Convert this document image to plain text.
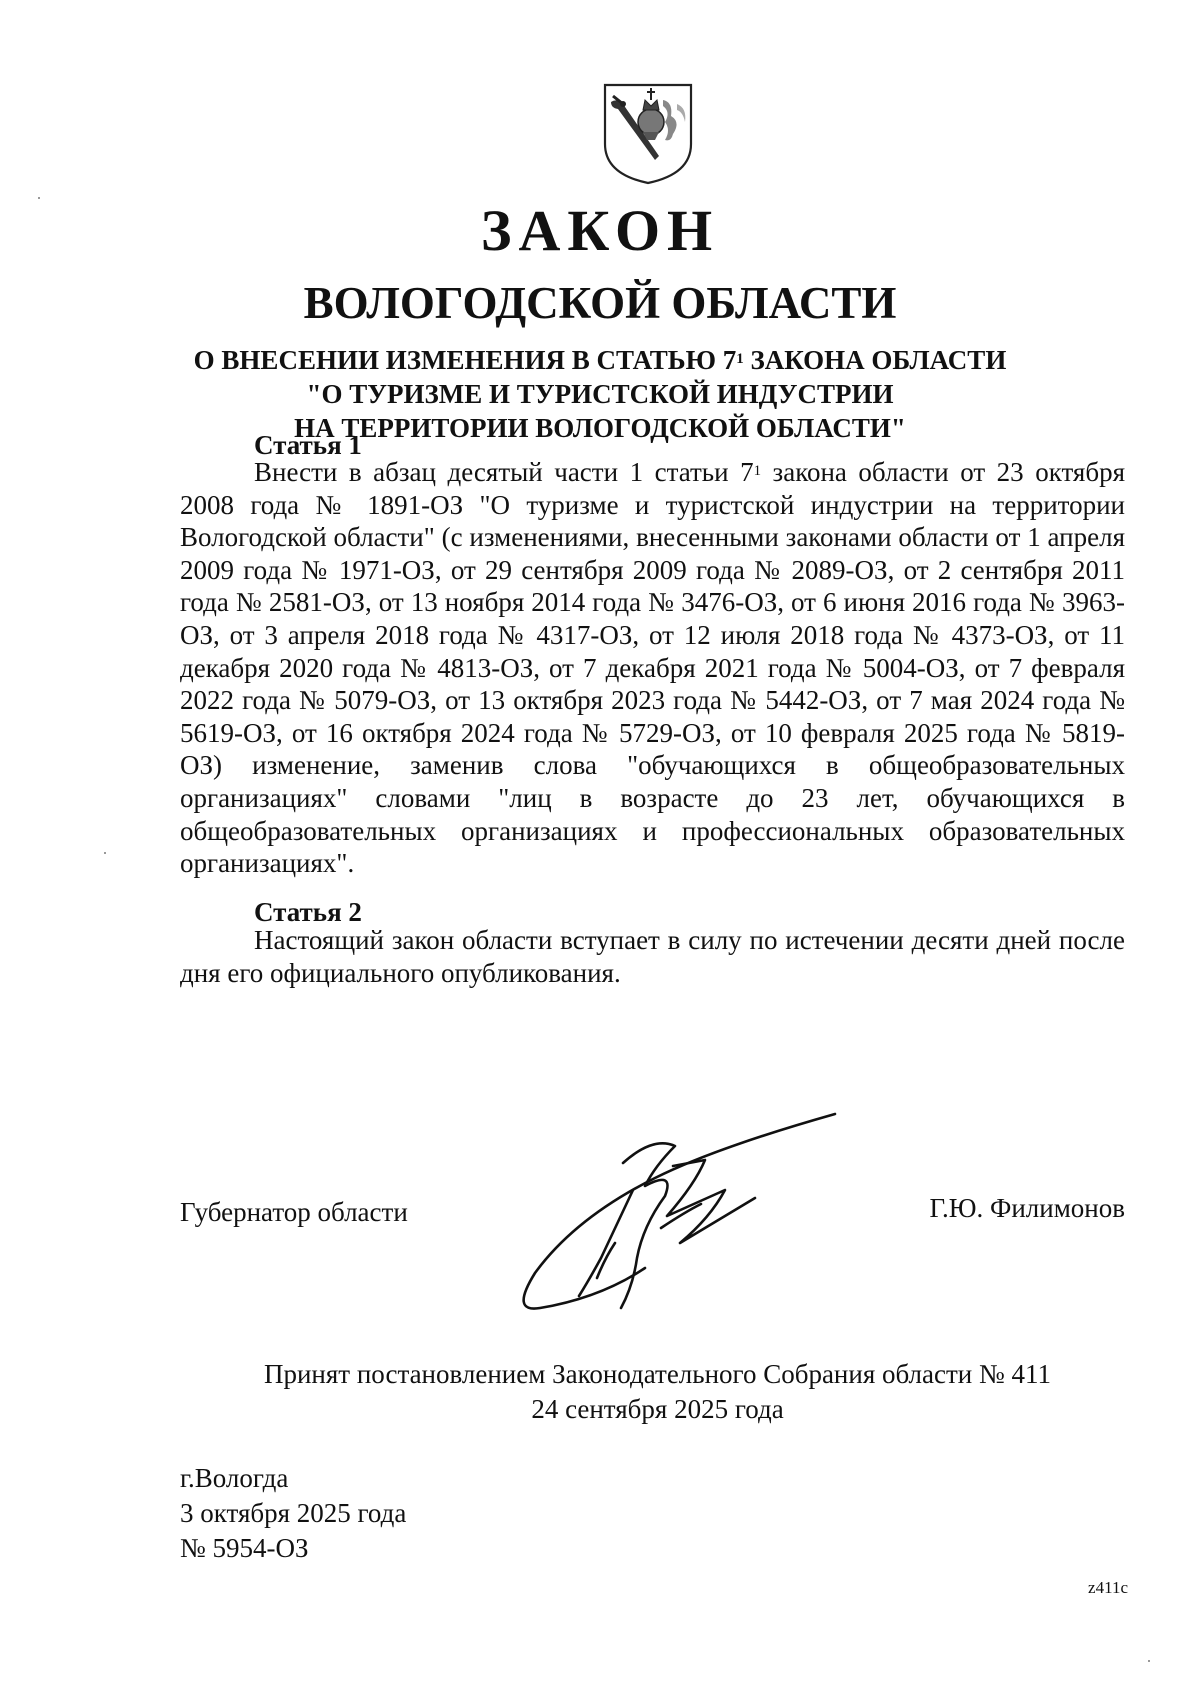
ЗАКОН
ВОЛОГОДСКОЙ ОБЛАСТИ
О ВНЕСЕНИИ ИЗМЕНЕНИЯ В СТАТЬЮ $7^1$ ЗАКОНА ОБЛАСТИ
"О ТУРИЗМЕ И ТУРИСТСКОЙ ИНДУСТРИИ
НА ТЕРРИТОРИИ ВОЛОГОДСКОЙ ОБЛАСТИ"
Статья 1

Внести в абзац десятый части 1 статьи $7^1$ закона области от 23 октября 2008 года № 1891-ОЗ "О туризме и туристской индустрии на территории Вологодской области" (с изменениями, внесенными законами области от 1 апреля 2009 года № 1971-ОЗ, от 29 сентября 2009 года № 2089-ОЗ, от 2 сентября 2011 года № 2581-ОЗ, от 13 ноября 2014 года № 3476-ОЗ, от 6 июня 2016 года № 3963-ОЗ, от 3 апреля 2018 года № 4317-ОЗ, от 12 июля 2018 года № 4373-ОЗ, от 11 декабря 2020 года № 4813-ОЗ, от 7 декабря 2021 года № 5004-ОЗ, от 7 февраля 2022 года № 5079-ОЗ, от 13 октября 2023 года № 5442-ОЗ, от 7 мая 2024 года № 5619-ОЗ, от 16 октября 2024 года № 5729-ОЗ, от 10 февраля 2025 года № 5819-ОЗ) изменение, заменив слова "обучающихся в общеобразовательных организациях" словами "лиц в возрасте до 23 лет, обучающихся в общеобразовательных организациях и профессиональных образовательных организациях".

Статья 2

Настоящий закон области вступает в силу по истечении десяти дней после дня его официального опубликования.

Губернатор области	Г.Ю. Филимонов
Принят постановлением Законодательного Собрания области № 411
24 сентября 2025 года
г.Вологда
3 октября 2025 года
№ 5954-ОЗ
z411c
